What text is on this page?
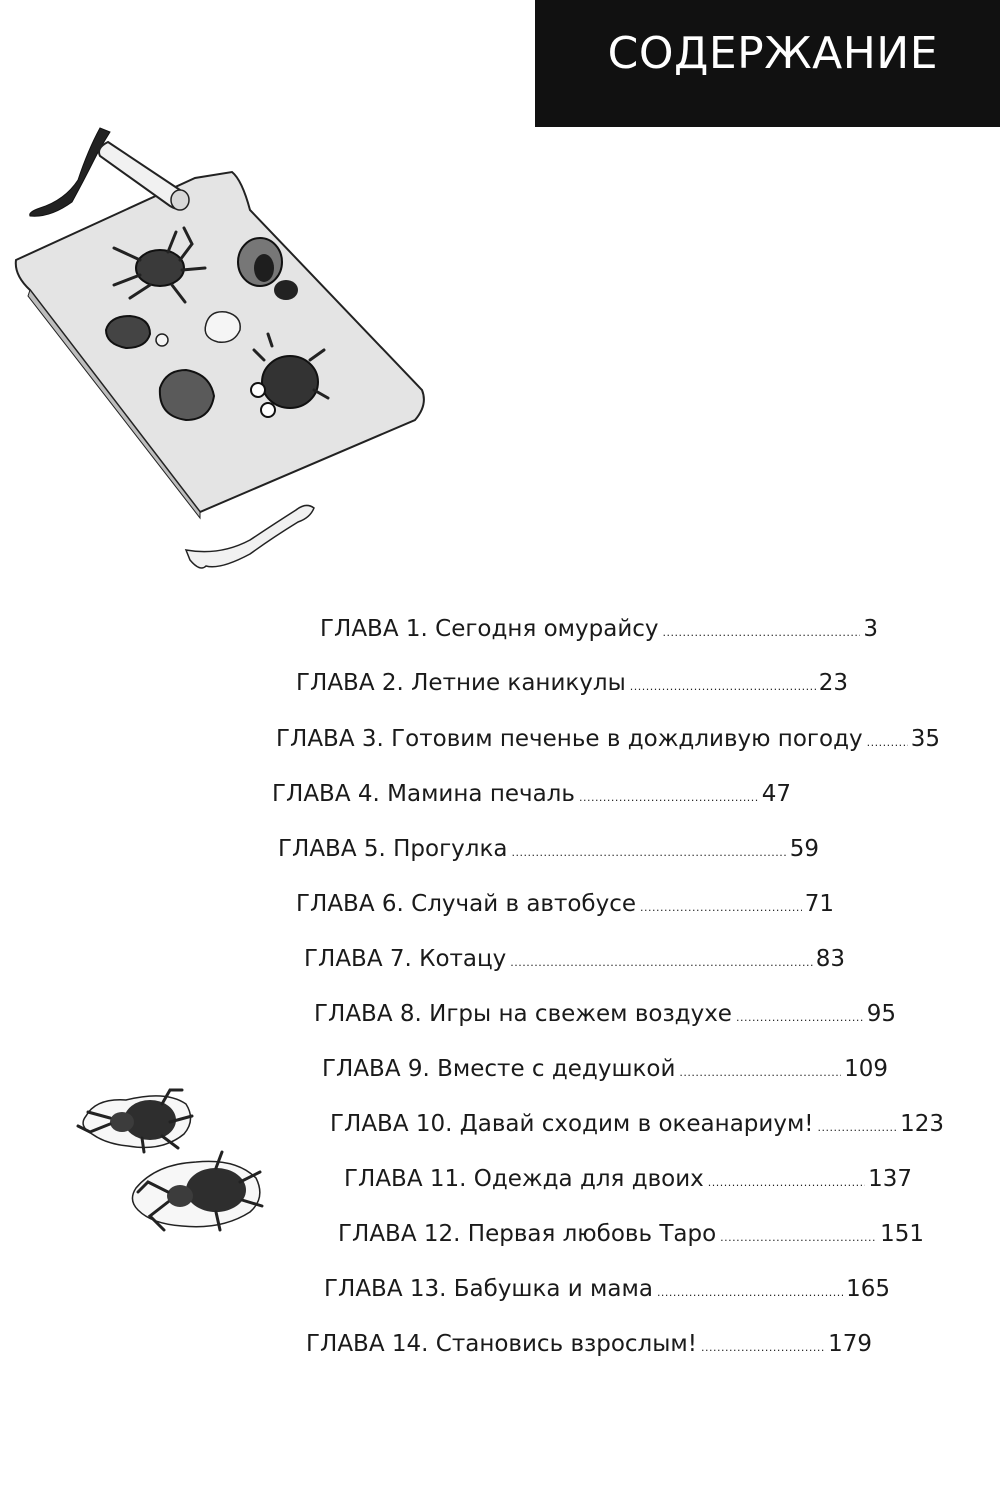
СОДЕРЖАНИЕ
ГЛАВА 1. Сегодня омурайсу .....	3
ГЛАВА 2. Летние каникулы .....	23
ГЛАВА 3. Готовим печенье в дождливую погоду ..... 35
ГЛАВА 4. Мамина печаль .....	47
ГЛАВА 5. Прогулка .....	59
ГЛАВА 6. Случай в автобусе .....	71
ГЛАВА 7. Котацу .....	83
ГЛАВА 8. Игры на свежем воздухе .....	95
ГЛАВА 9. Вместе с дедушкой .....	109
ГЛАВА 10. Давай сходим в океанариум! .....	123
ГЛАВА 11. Одежда для двоих .....	137
ГЛАВА 12. Первая любовь Таро .....	151
ГЛАВА 13. Бабушка и мама .....	165
ГЛАВА 14. Становись взрослым! .....	179
